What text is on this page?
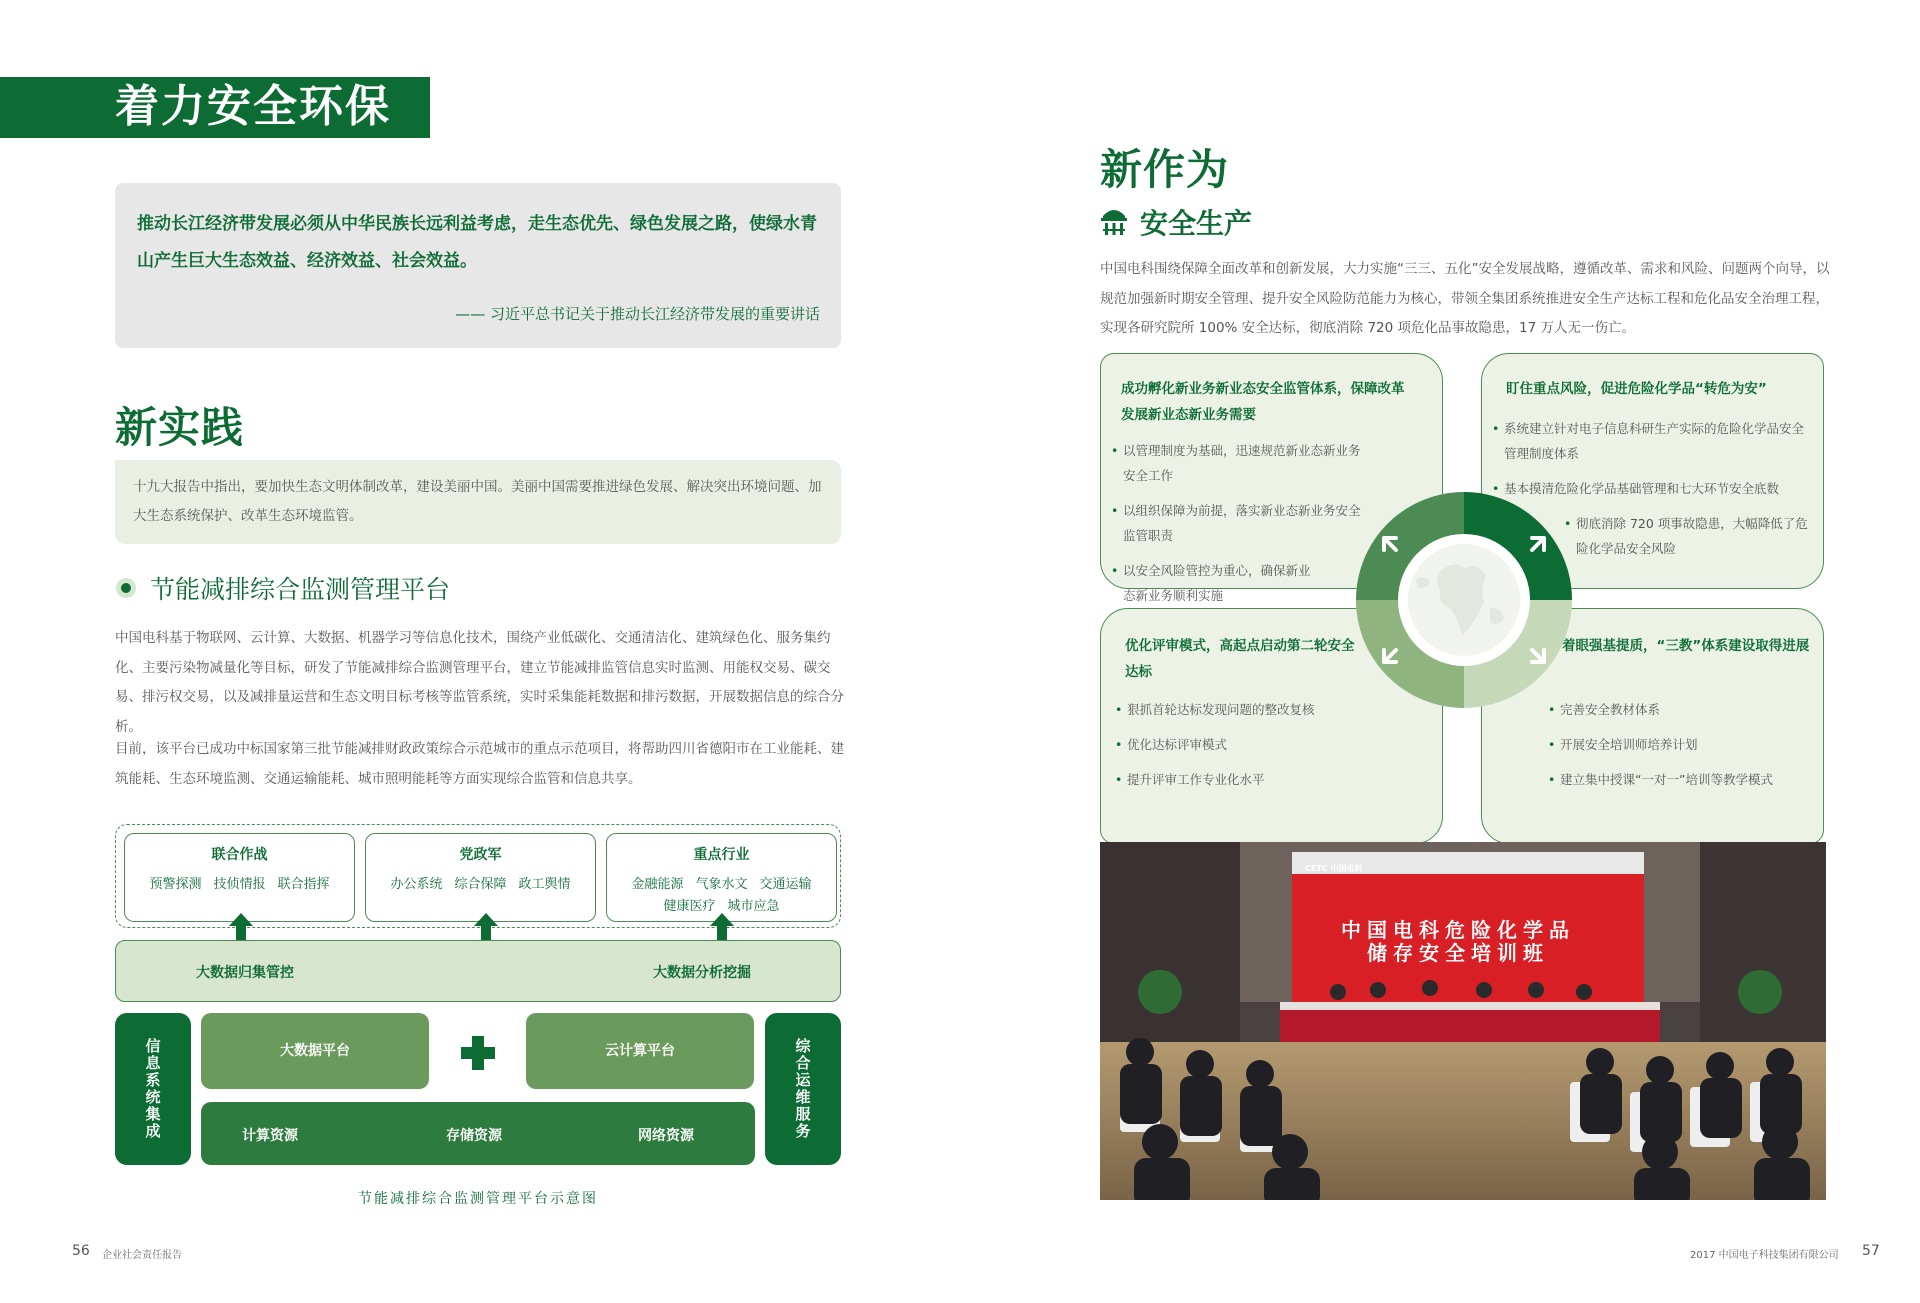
着力安全环保
推动长江经济带发展必须从中华民族长远利益考虑，走生态优先、绿色发展之路，使绿水青山产生巨大生态效益、经济效益、社会效益。
—— 习近平总书记关于推动长江经济带发展的重要讲话
新实践
十九大报告中指出，要加快生态文明体制改革，建设美丽中国。美丽中国需要推进绿色发展、解决突出环境问题、加大生态系统保护、改革生态环境监管。
节能减排综合监测管理平台
中国电科基于物联网、云计算、大数据、机器学习等信息化技术，围绕产业低碳化、交通清洁化、建筑绿色化、服务集约化、主要污染物减量化等目标，研发了节能减排综合监测管理平台，建立节能减排监管信息实时监测、用能权交易、碳交易、排污权交易，以及减排量运营和生态文明目标考核等监管系统，实时采集能耗数据和排污数据，开展数据信息的综合分析。
目前，该平台已成功中标国家第三批节能减排财政政策综合示范城市的重点示范项目，将帮助四川省德阳市在工业能耗、建筑能耗、生态环境监测、交通运输能耗、城市照明能耗等方面实现综合监管和信息共享。
联合作战
预警探测 技侦情报 联合指挥
党政军
办公系统 综合保障 政工舆情
重点行业
金融能源 气象水文 交通运输
健康医疗 城市应急
大数据归集管控	大数据分析挖掘
信
息
系
统
集
成
综
合
运
维
服
务
大数据平台	云计算平台
计算资源	存储资源	网络资源
节能减排综合监测管理平台示意图
56 企业社会责任报告
新作为
安全生产
中国电科围绕保障全面改革和创新发展，大力实施“三三、五化”安全发展战略，遵循改革、需求和风险、问题两个向导，以规范加强新时期安全管理、提升安全风险防范能力为核心，带领全集团系统推进安全生产达标工程和危化品安全治理工程，实现各研究院所 100% 安全达标，彻底消除 720 项危化品事故隐患，17 万人无一伤亡。
成功孵化新业务新业态安全监管体系，保障改革发展新业态新业务需要
• 以管理制度为基础，迅速规范新业态新业务安全工作
• 以组织保障为前提，落实新业态新业务安全监管职责
• 以安全风险管控为重心，确保新业态新业务顺利实施
盯住重点风险，促进危险化学品“转危为安”
• 系统建立针对电子信息科研生产实际的危险化学品安全管理制度体系
• 基本摸清危险化学品基础管理和七大环节安全底数
• 彻底消除 720 项事故隐患，大幅降低了危险化学品安全风险
优化评审模式，高起点启动第二轮安全达标
• 狠抓首轮达标发现问题的整改复核
• 优化达标评审模式
• 提升评审工作专业化水平
着眼强基提质，“三教”体系建设取得进展
• 完善安全教材体系
• 开展安全培训师培养计划
• 建立集中授课“一对一”培训等教学模式
CETC 中国电科
中国电科危险化学品
储存安全培训班
2017 中国电子科技集团有限公司 57
